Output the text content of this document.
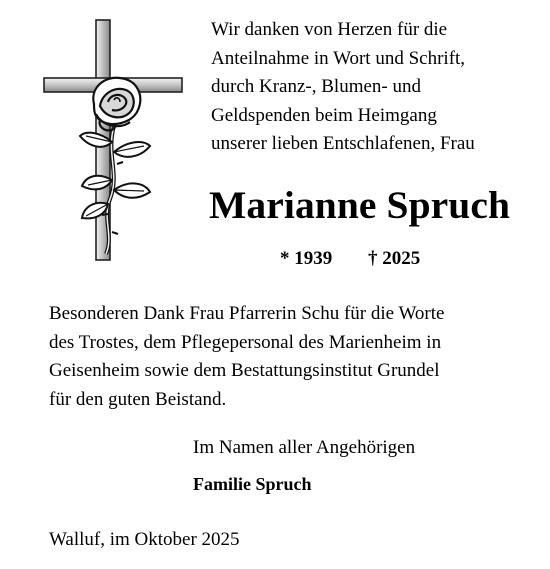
Wir danken von Herzen für die
Anteilnahme in Wort und Schrift,
durch Kranz-, Blumen- und
Geldspenden beim Heimgang
unserer lieben Entschlafenen, Frau

Marianne Spruch
* 1939 † 2025

Besonderen Dank Frau Pfarrerin Schu für die Worte
des Trostes, dem Pflegepersonal des Marienheim in
Geisenheim sowie dem Bestattungsinstitut Grundel
für den guten Beistand.

Im Namen aller Angehörigen
Familie Spruch
Walluf, im Oktober 2025
